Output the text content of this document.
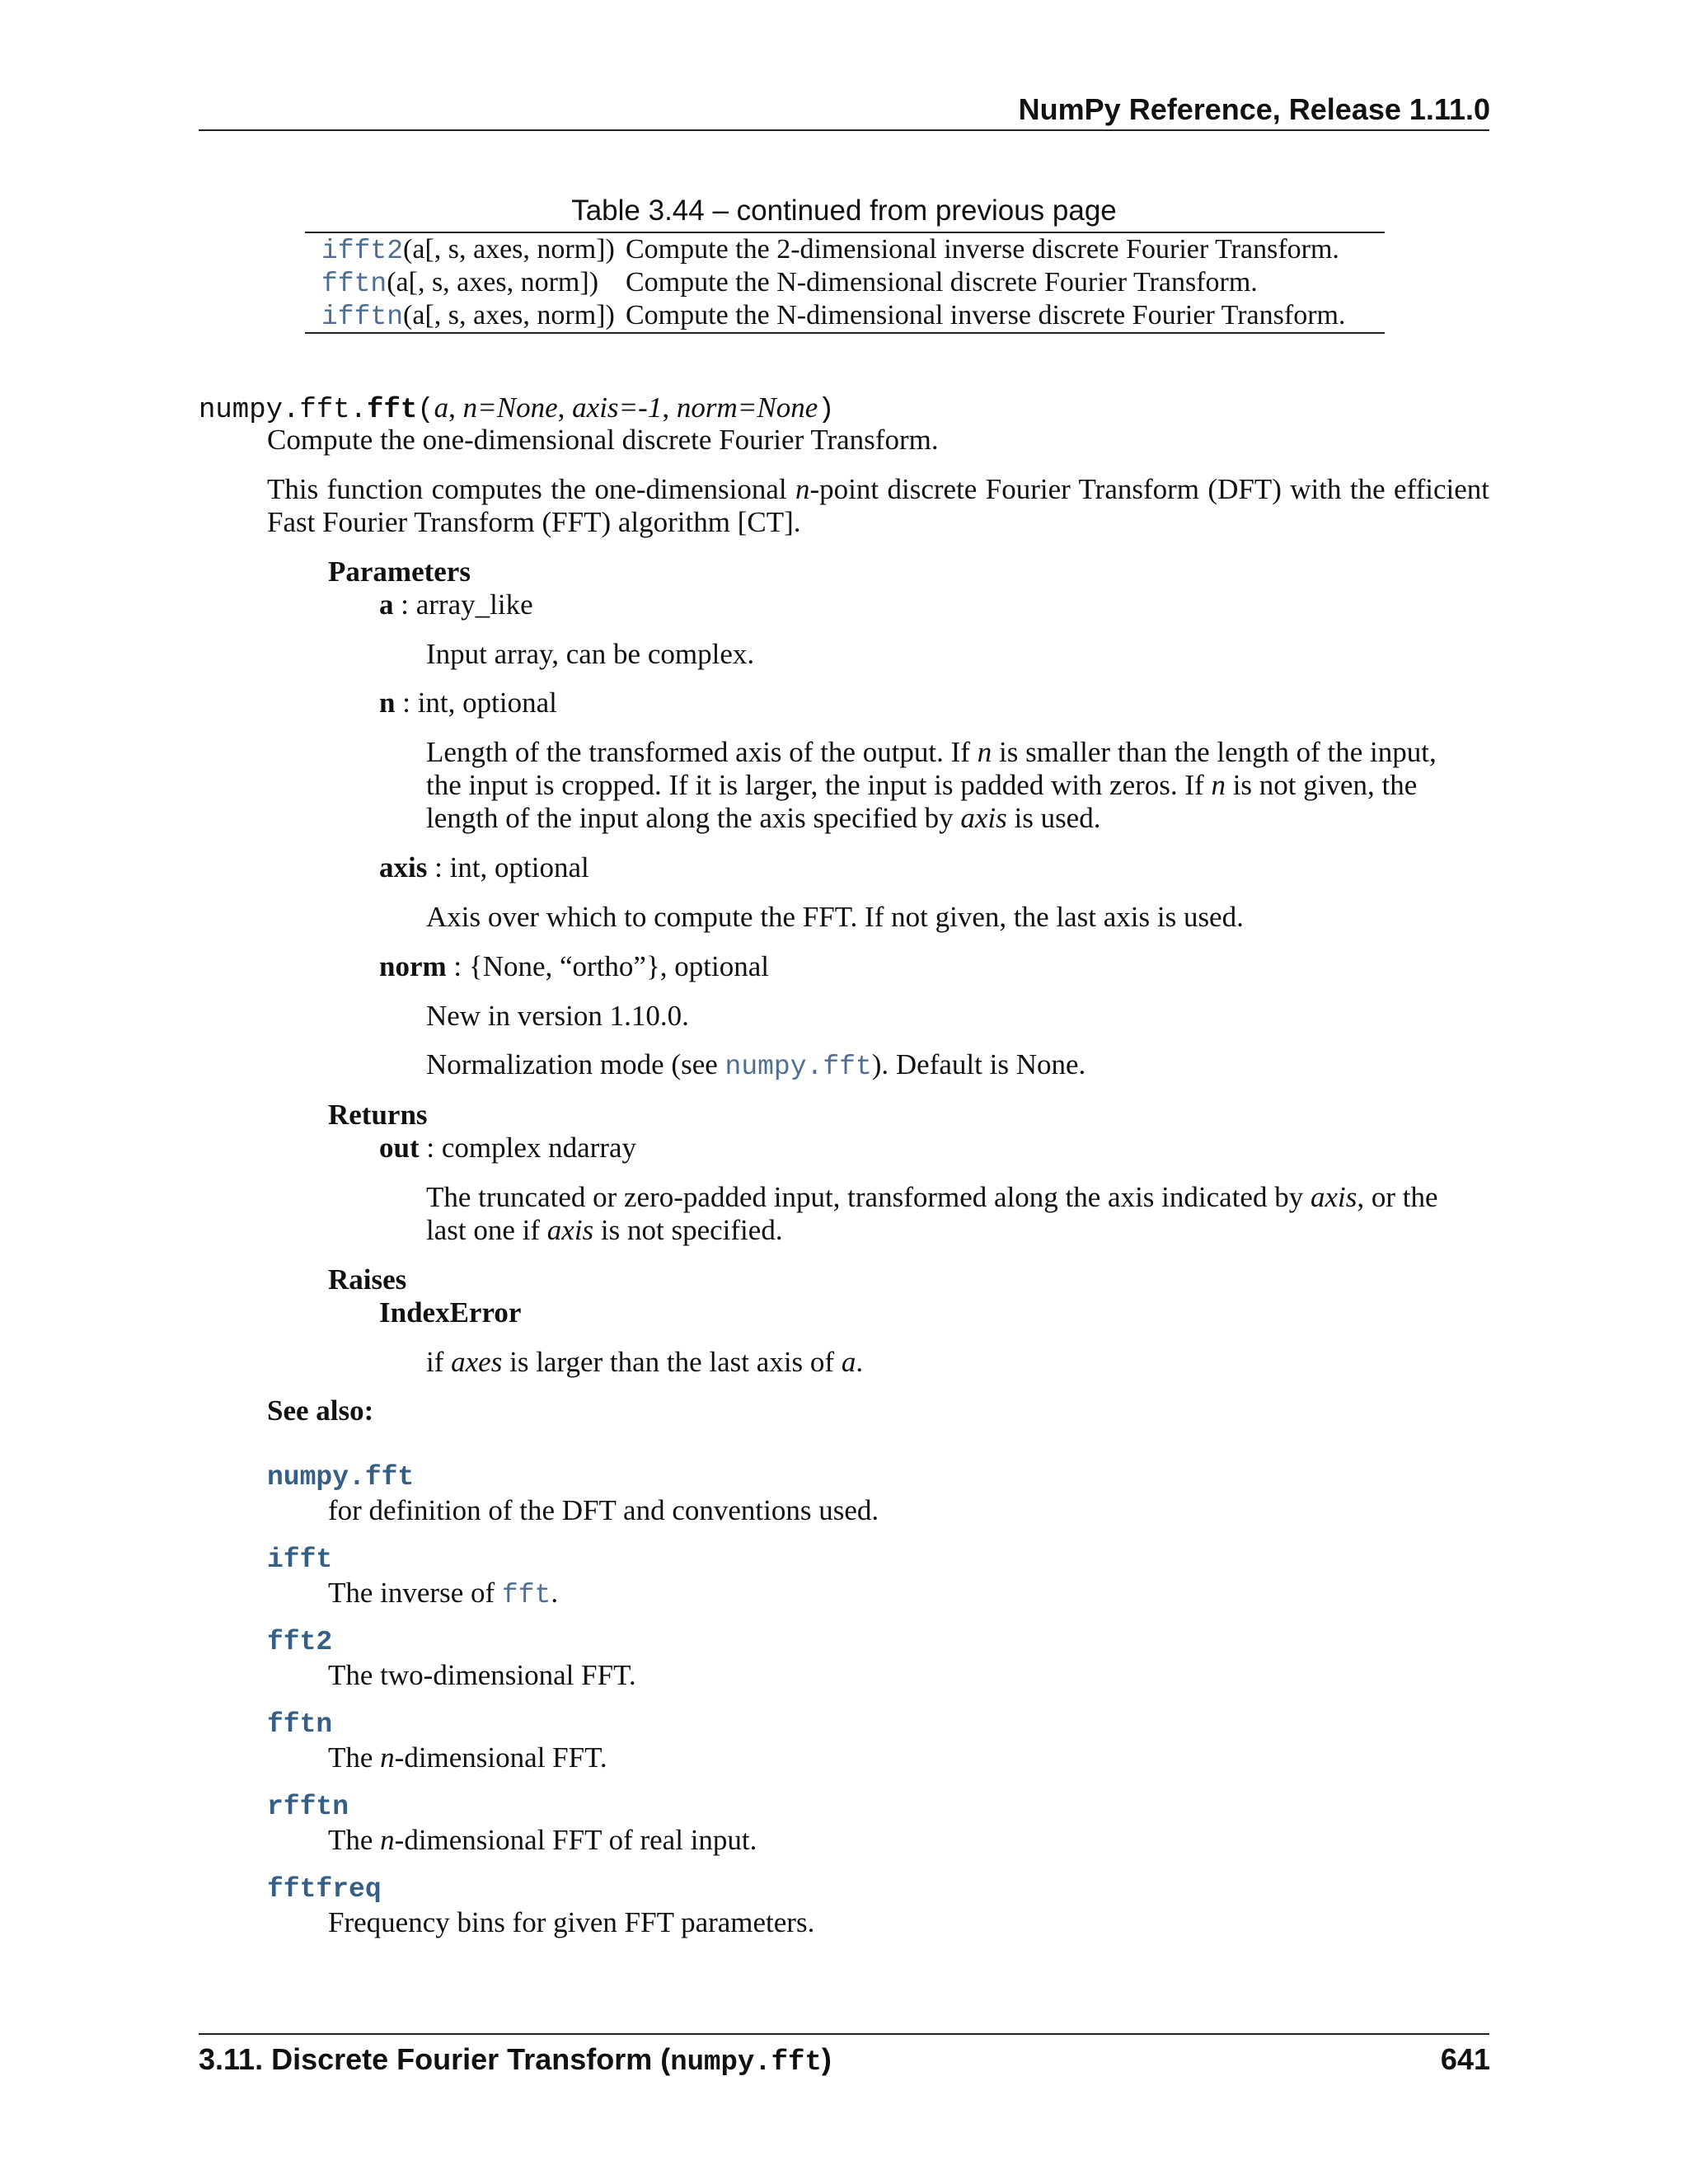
NumPy Reference, Release 1.11.0
Table 3.44 – continued from previous page
ifft2(a[, s, axes, norm]) Compute the 2-dimensional inverse discrete Fourier Transform.
fftn(a[, s, axes, norm]) Compute the N-dimensional discrete Fourier Transform.
ifftn(a[, s, axes, norm]) Compute the N-dimensional inverse discrete Fourier Transform.
numpy.fft.fft(a, n=None, axis=-1, norm=None)
Compute the one-dimensional discrete Fourier Transform.
This function computes the one-dimensional n-point discrete Fourier Transform (DFT) with the efficient Fast Fourier Transform (FFT) algorithm [CT].
Parameters
a : array_like
Input array, can be complex.
n : int, optional
Length of the transformed axis of the output. If n is smaller than the length of the input,
the input is cropped. If it is larger, the input is padded with zeros. If n is not given, the
length of the input along the axis specified by axis is used.
axis : int, optional
Axis over which to compute the FFT. If not given, the last axis is used.
norm : {None, “ortho”}, optional
New in version 1.10.0.
Normalization mode (see numpy.fft). Default is None.
Returns
out : complex ndarray
The truncated or zero-padded input, transformed along the axis indicated by axis, or the
last one if axis is not specified.
Raises
IndexError
if axes is larger than the last axis of a.
See also:
numpy.fft
for definition of the DFT and conventions used.
ifft
The inverse of fft.
fft2
The two-dimensional FFT.
fftn
The n-dimensional FFT.
rfftn
The n-dimensional FFT of real input.
fftfreq
Frequency bins for given FFT parameters.
3.11. Discrete Fourier Transform (numpy.fft)	641
